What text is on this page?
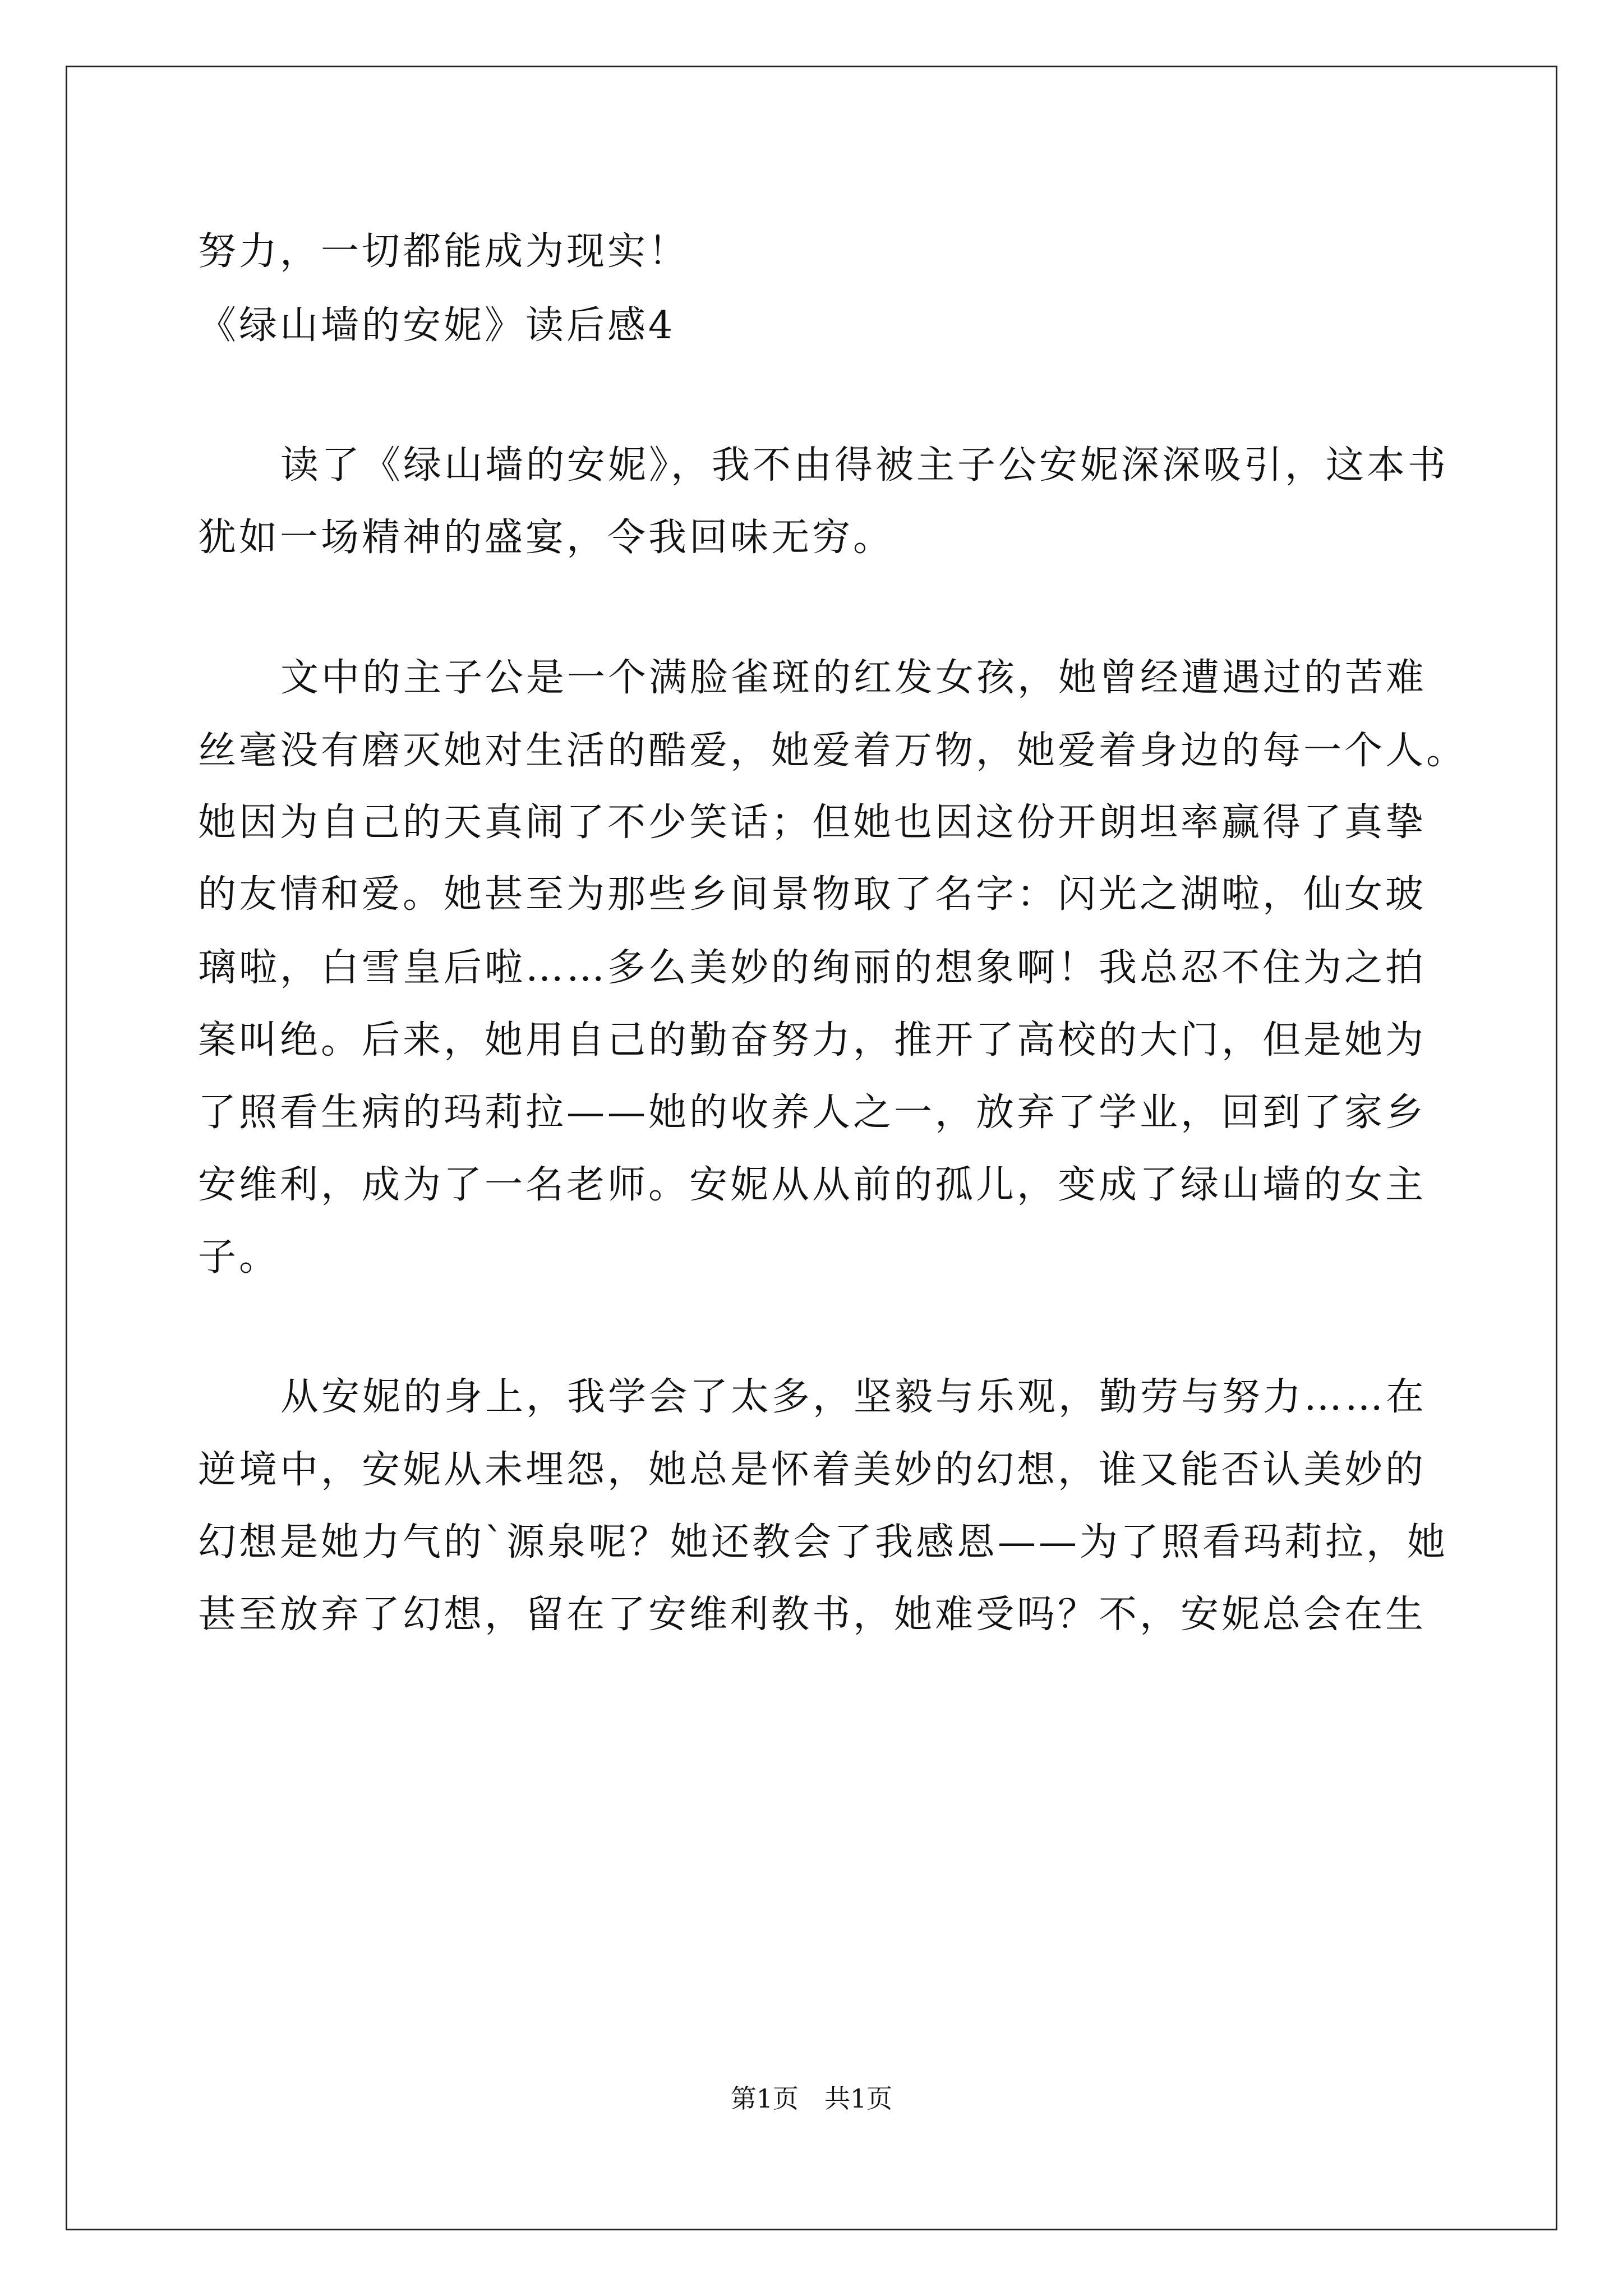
努力，一切都能成为现实！
《绿山墙的安妮》读后感4
读了《绿山墙的安妮》，我不由得被主子公安妮深深吸引，这本书
犹如一场精神的盛宴，令我回味无穷。
文中的主子公是一个满脸雀斑的红发女孩，她曾经遭遇过的苦难
丝毫没有磨灭她对生活的酷爱，她爱着万物，她爱着身边的每一个人。
她因为自己的天真闹了不少笑话；但她也因这份开朗坦率赢得了真挚
的友情和爱。她甚至为那些乡间景物取了名字：闪光之湖啦，仙女玻
璃啦，白雪皇后啦……多么美妙的绚丽的想象啊！我总忍不住为之拍
案叫绝。后来，她用自己的勤奋努力，推开了高校的大门，但是她为
了照看生病的玛莉拉——她的收养人之一，放弃了学业，回到了家乡
安维利，成为了一名老师。安妮从从前的孤儿，变成了绿山墙的女主
子。
从安妮的身上，我学会了太多，坚毅与乐观，勤劳与努力……在
逆境中，安妮从未埋怨，她总是怀着美妙的幻想，谁又能否认美妙的
幻想是她力气的`源泉呢？她还教会了我感恩——为了照看玛莉拉，她
甚至放弃了幻想，留在了安维利教书，她难受吗？不，安妮总会在生
第1页 共1页
